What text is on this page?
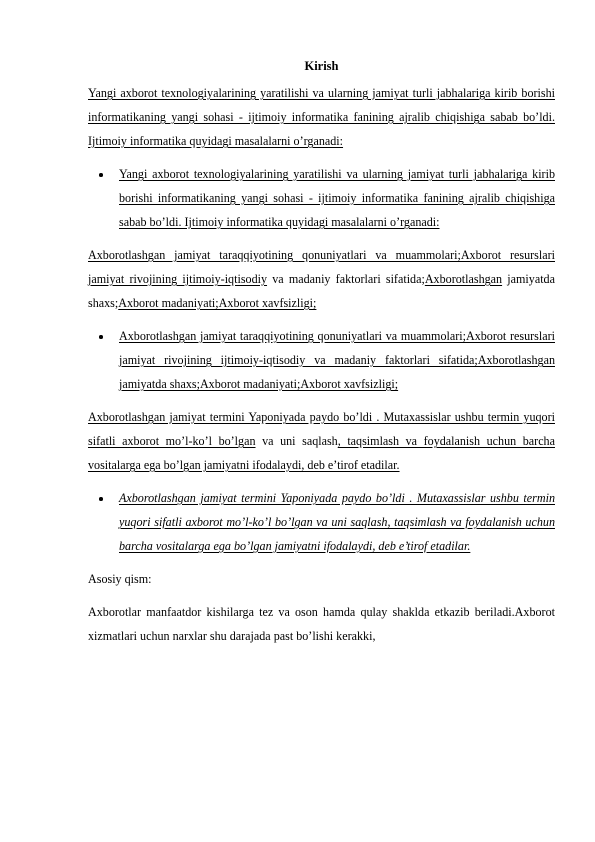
Kirish
Yangi axborot texnologiyalarining yaratilishi va ularning jamiyat turli jabhalariga kirib borishi informatikaning yangi sohasi - ijtimoiy informatika fanining ajralib chiqishiga sabab bo’ldi. Ijtimoiy informatika quyidagi masalalarni o’rganadi:
Yangi axborot texnologiyalarining yaratilishi va ularning jamiyat turli jabhalariga kirib borishi informatikaning yangi sohasi - ijtimoiy informatika fanining ajralib chiqishiga sabab bo’ldi. Ijtimoiy informatika quyidagi masalalarni o’rganadi:
Axborotlashgan jamiyat taraqqiyotining qonuniyatlari va muammolari;Axborot resurslari jamiyat rivojining ijtimoiy-iqtisodiy va madaniy faktorlari sifatida;Axborotlashgan jamiyatda shaxs;Axborot madaniyati;Axborot xavfsizligi;
Axborotlashgan jamiyat taraqqiyotining qonuniyatlari va muammolari;Axborot resurslari jamiyat rivojining ijtimoiy-iqtisodiy va madaniy faktorlari sifatida;Axborotlashgan jamiyatda shaxs;Axborot madaniyati;Axborot xavfsizligi;
Axborotlashgan jamiyat termini Yaponiyada paydo bo’ldi . Mutaxassislar ushbu termin yuqori sifatli axborot mo’l-ko’l bo’lgan va uni saqlash, taqsimlash va foydalanish uchun barcha vositalarga ega bo’lgan jamiyatni ifodalaydi, deb e’tirof etadilar.
Axborotlashgan jamiyat termini Yaponiyada paydo bo’ldi . Mutaxassislar ushbu termin yuqori sifatli axborot mo’l-ko’l bo’lgan va uni saqlash, taqsimlash va foydalanish uchun barcha vositalarga ega bo’lgan jamiyatni ifodalaydi, deb e’tirof etadilar.
Asosiy qism:
Axborotlar manfaatdor kishilarga tez va oson hamda qulay shaklda etkazib beriladi.Axborot xizmatlari uchun narxlar shu darajada past bo’lishi kerakki,
